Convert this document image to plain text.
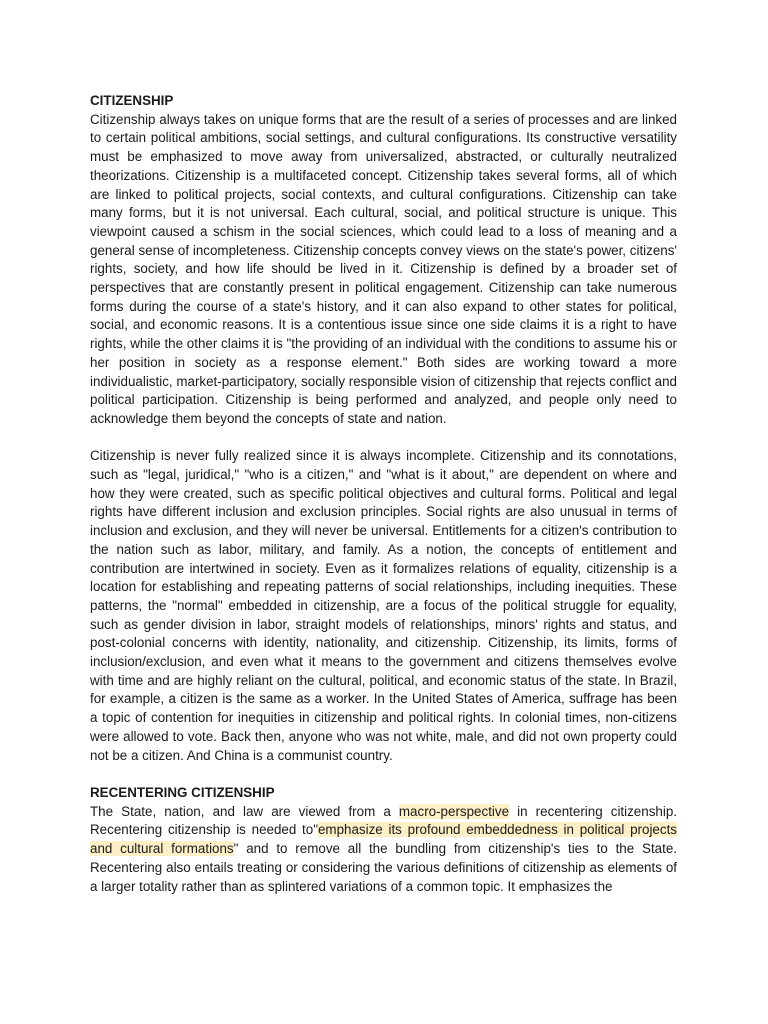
CITIZENSHIP

Citizenship always takes on unique forms that are the result of a series of processes and are linked to certain political ambitions, social settings, and cultural configurations. Its constructive versatility must be emphasized to move away from universalized, abstracted, or culturally neutralized theorizations. Citizenship is a multifaceted concept. Citizenship takes several forms, all of which are linked to political projects, social contexts, and cultural configurations. Citizenship can take many forms, but it is not universal. Each cultural, social, and political structure is unique. This viewpoint caused a schism in the social sciences, which could lead to a loss of meaning and a general sense of incompleteness. Citizenship concepts convey views on the state's power, citizens' rights, society, and how life should be lived in it. Citizenship is defined by a broader set of perspectives that are constantly present in political engagement. Citizenship can take numerous forms during the course of a state's history, and it can also expand to other states for political, social, and economic reasons. It is a contentious issue since one side claims it is a right to have rights, while the other claims it is "the providing of an individual with the conditions to assume his or her position in society as a response element." Both sides are working toward a more individualistic, market-participatory, socially responsible vision of citizenship that rejects conflict and political participation. Citizenship is being performed and analyzed, and people only need to acknowledge them beyond the concepts of state and nation.

Citizenship is never fully realized since it is always incomplete. Citizenship and its connotations, such as "legal, juridical," "who is a citizen," and "what is it about," are dependent on where and how they were created, such as specific political objectives and cultural forms. Political and legal rights have different inclusion and exclusion principles. Social rights are also unusual in terms of inclusion and exclusion, and they will never be universal. Entitlements for a citizen's contribution to the nation such as labor, military, and family. As a notion, the concepts of entitlement and contribution are intertwined in society. Even as it formalizes relations of equality, citizenship is a location for establishing and repeating patterns of social relationships, including inequities. These patterns, the "normal" embedded in citizenship, are a focus of the political struggle for equality, such as gender division in labor, straight models of relationships, minors' rights and status, and post-colonial concerns with identity, nationality, and citizenship. Citizenship, its limits, forms of inclusion/exclusion, and even what it means to the government and citizens themselves evolve with time and are highly reliant on the cultural, political, and economic status of the state. In Brazil, for example, a citizen is the same as a worker. In the United States of America, suffrage has been a topic of contention for inequities in citizenship and political rights. In colonial times, non-citizens were allowed to vote. Back then, anyone who was not white, male, and did not own property could not be a citizen. And China is a communist country.

RECENTERING CITIZENSHIP

The State, nation, and law are viewed from a macro-perspective in recentering citizenship. Recentering citizenship is needed to"emphasize its profound embeddedness in political projects and cultural formations" and to remove all the bundling from citizenship's ties to the State. Recentering also entails treating or considering the various definitions of citizenship as elements of a larger totality rather than as splintered variations of a common topic. It emphasizes the
